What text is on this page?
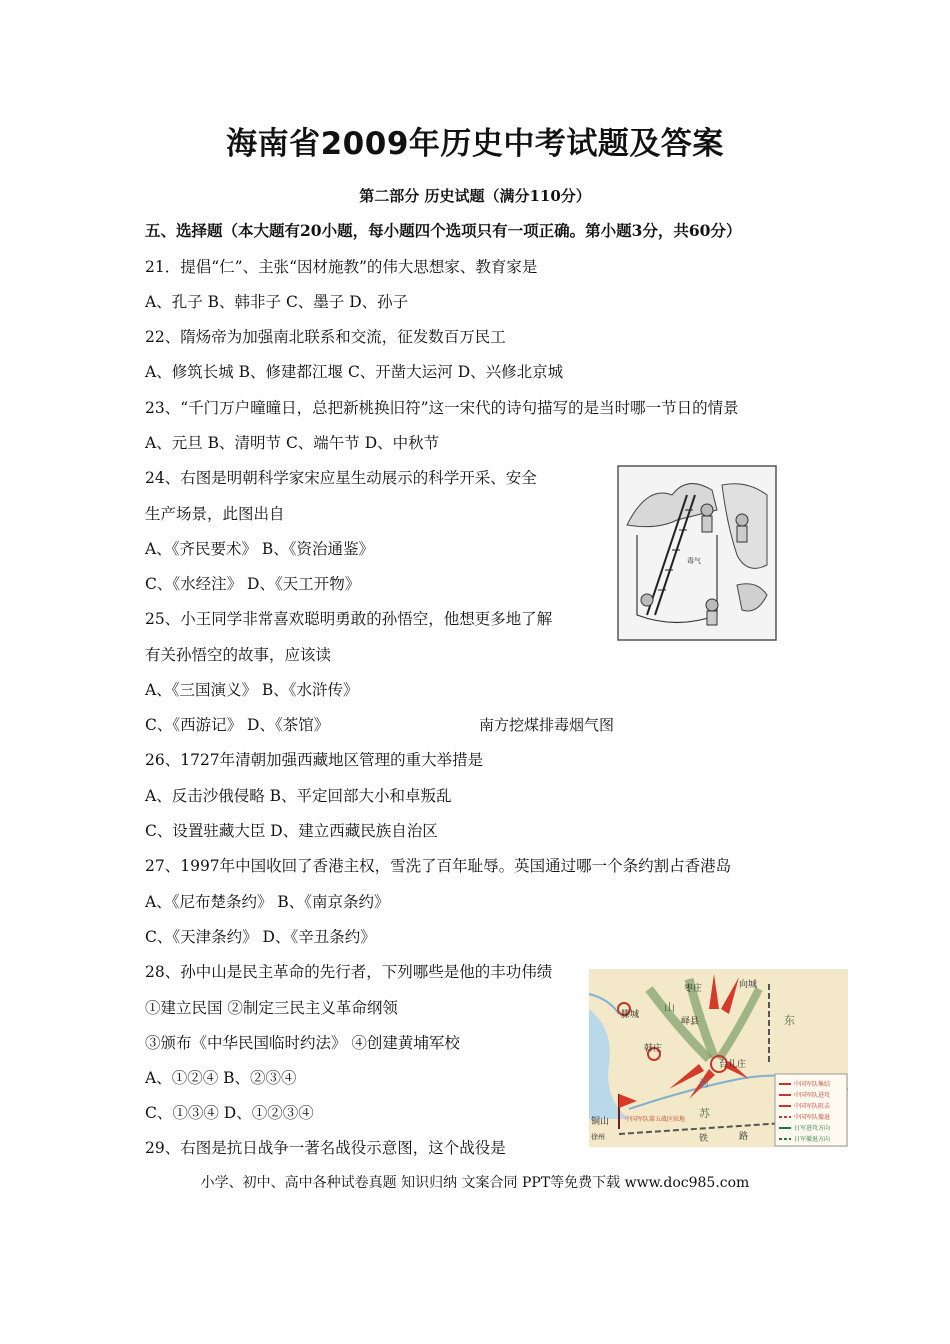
海南省2009年历史中考试题及答案
第二部分 历史试题（满分110分）
五、选择题（本大题有20小题，每小题四个选项只有一项正确。第小题3分，共60分）
21．提倡“仁”、主张“因材施教”的伟大思想家、教育家是
A、孔子 B、韩非子 C、墨子 D、孙子
22、隋炀帝为加强南北联系和交流，征发数百万民工
A、修筑长城 B、修建都江堰 C、开凿大运河 D、兴修北京城
23、“千门万户曈曈日，总把新桃换旧符”这一宋代的诗句描写的是当时哪一节日的情景
A、元旦 B、清明节 C、端午节 D、中秋节
24、右图是明朝科学家宋应星生动展示的科学开采、安全
生产场景，此图出自
A、《齐民要术》 B、《资治通鉴》
C、《水经注》 D、《天工开物》
25、小王同学非常喜欢聪明勇敢的孙悟空，他想更多地了解
有关孙悟空的故事，应该读
A、《三国演义》 B、《水浒传》
C、《西游记》 D、《茶馆》
26、1727年清朝加强西藏地区管理的重大举措是
A、反击沙俄侵略 B、平定回部大小和卓叛乱
C、设置驻藏大臣 D、建立西藏民族自治区
27、1997年中国收回了香港主权，雪洗了百年耻辱。英国通过哪一个条约割占香港岛
A、《尼布楚条约》 B、《南京条约》
C、《天津条约》 D、《辛丑条约》
28、孙中山是民主革命的先行者，下列哪些是他的丰功伟绩
①建立民国 ②制定三民主义革命纲领
③颁布《中华民国临时约法》 ④创建黄埔军校
A、①②④ B、②③④
C、①③④ D、①②③④
29、右图是抗日战争一著名战役示意图，这个战役是
南方挖煤排毒烟气图
毒气
中国军队集结
中国军队进攻
中国军队阻击
中国军队撤退
日军进攻方向
日军撤退方向
枣庄	向城
滕城
峄县
韩庄
台儿庄
山
东
河
苏
铁	路
铜山
徐州
中国军队第五战区驻地
小学、初中、高中各种试卷真题 知识归纳 文案合同 PPT等免费下载 www.doc985.com
